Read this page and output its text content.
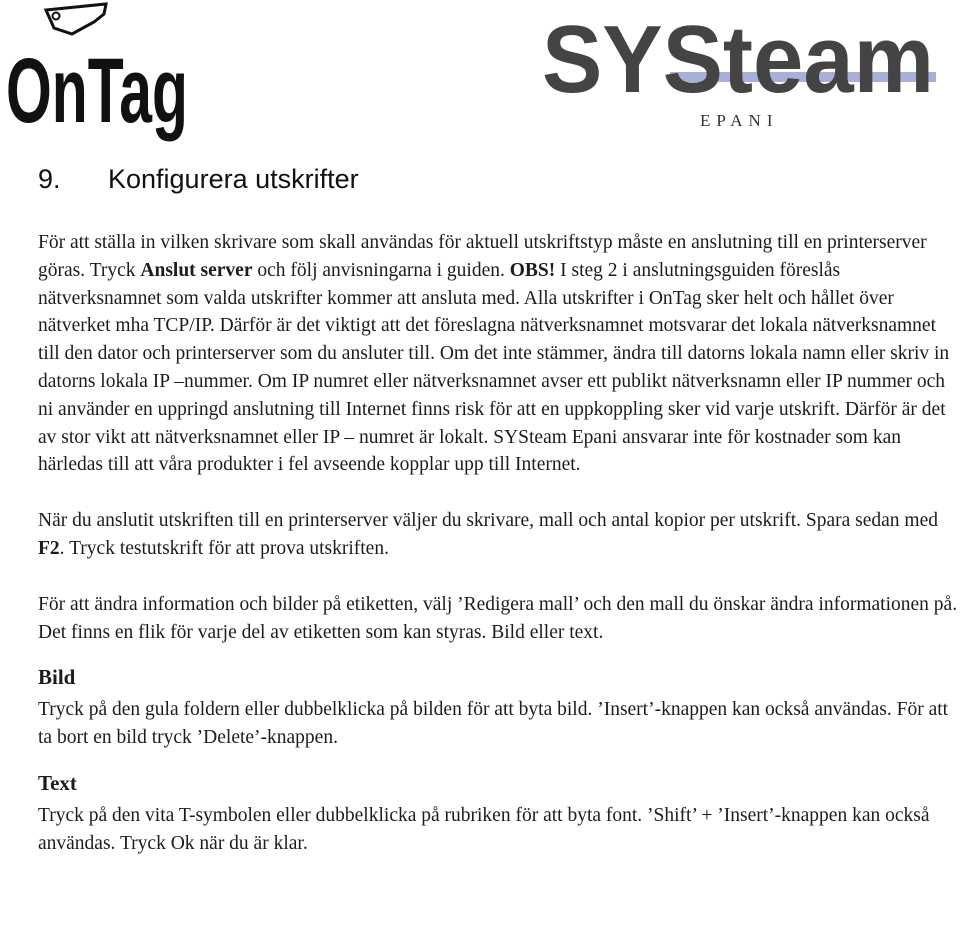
OnTag	SYSteam
EPANI
9. Konfigurera utskrifter

För att ställa in vilken skrivare som skall användas för aktuell utskriftstyp måste en anslutning till en printerserver göras. Tryck Anslut server och följ anvisningarna i guiden. OBS! I steg 2 i anslutningsguiden föreslås nätverksnamnet som valda utskrifter kommer att ansluta med. Alla utskrifter i OnTag sker helt och hållet över nätverket mha TCP/IP. Därför är det viktigt att det föreslagna nätverksnamnet motsvarar det lokala nätverksnamnet till den dator och printerserver som du ansluter till. Om det inte stämmer, ändra till datorns lokala namn eller skriv in datorns lokala IP –nummer. Om IP numret eller nätverksnamnet avser ett publikt nätverksnamn eller IP nummer och ni använder en uppringd anslutning till Internet finns risk för att en uppkoppling sker vid varje utskrift. Därför är det av stor vikt att nätverksnamnet eller IP – numret är lokalt. SYSteam Epani ansvarar inte för kostnader som kan härledas till att våra produkter i fel avseende kopplar upp till Internet.

När du anslutit utskriften till en printerserver väljer du skrivare, mall och antal kopior per utskrift. Spara sedan med F2. Tryck testutskrift för att prova utskriften.

För att ändra information och bilder på etiketten, välj ’Redigera mall’ och den mall du önskar ändra informationen på. Det finns en flik för varje del av etiketten som kan styras. Bild eller text.

Bild

Tryck på den gula foldern eller dubbelklicka på bilden för att byta bild. ’Insert’-knappen kan också användas. För att ta bort en bild tryck ’Delete’-knappen.

Text

Tryck på den vita T-symbolen eller dubbelklicka på rubriken för att byta font. ’Shift’ + ’Insert’-knappen kan också användas. Tryck Ok när du är klar.
